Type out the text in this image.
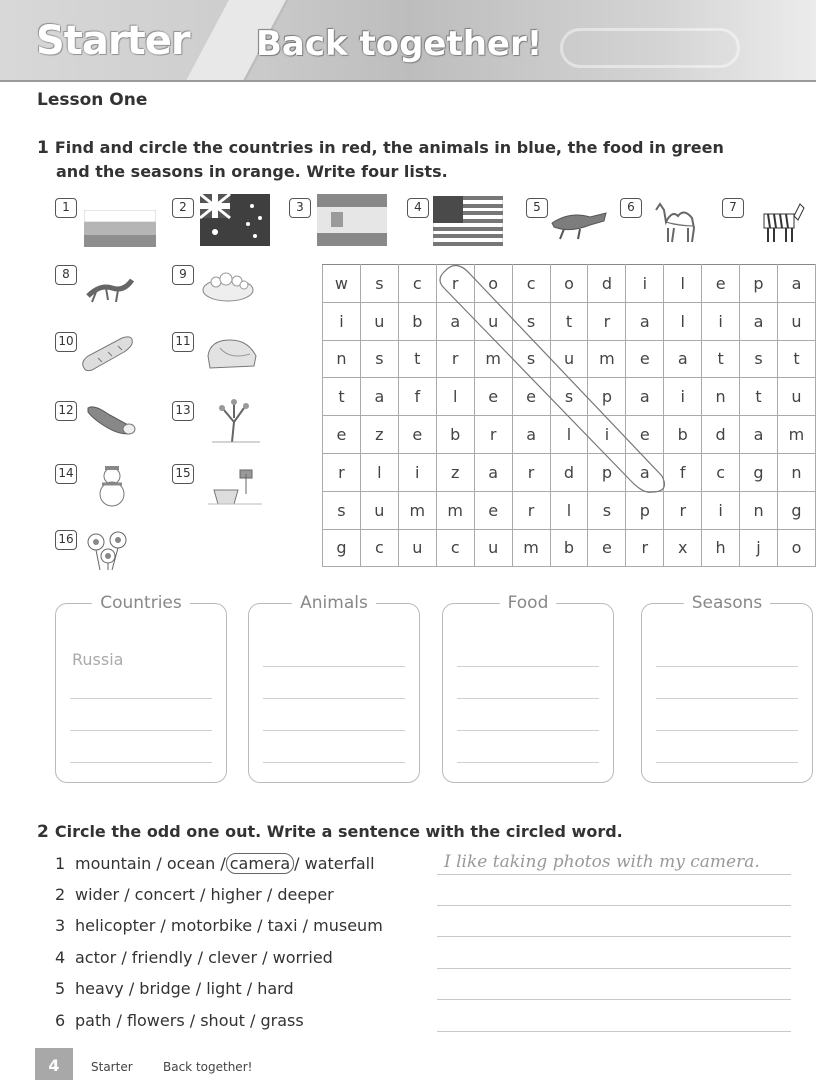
Starter Back together!
Lesson One
1 Find and circle the countries in red, the animals in blue, the food in green
and the seasons in orange. Write four lists.
1	2	3	4	5	6	7
8	9
10	11
12	13
14	15
16
w	s	c	r	o	c	o	d	i	l	e	p	a
i	u	b	a	u	s	t	r	a	l	i	a	u
n	s	t	r	m	s	u	m	e	a	t	s	t
t	a	f	l	e	e	s	p	a	i	n	t	u
e	z	e	b	r	a	l	i	e	b	d	a	m
r	l	i	z	a	r	d	p	a	f	c	g	n
s	u	m	m	e	r	l	s	p	r	i	n	g
g	c	u	c	u	m	b	e	r	x	h	j	o
Countries
Russia
Animals	Food	Seasons
2 Circle the odd one out. Write a sentence with the circled word.
1 mountain / ocean / camera / waterfall
2 wider / concert / higher / deeper
3 helicopter / motorbike / taxi / museum
4 actor / friendly / clever / worried
5 heavy / bridge / light / hard
6 path / flowers / shout / grass
I like taking photos with my camera.
4	Starter	Back together!
